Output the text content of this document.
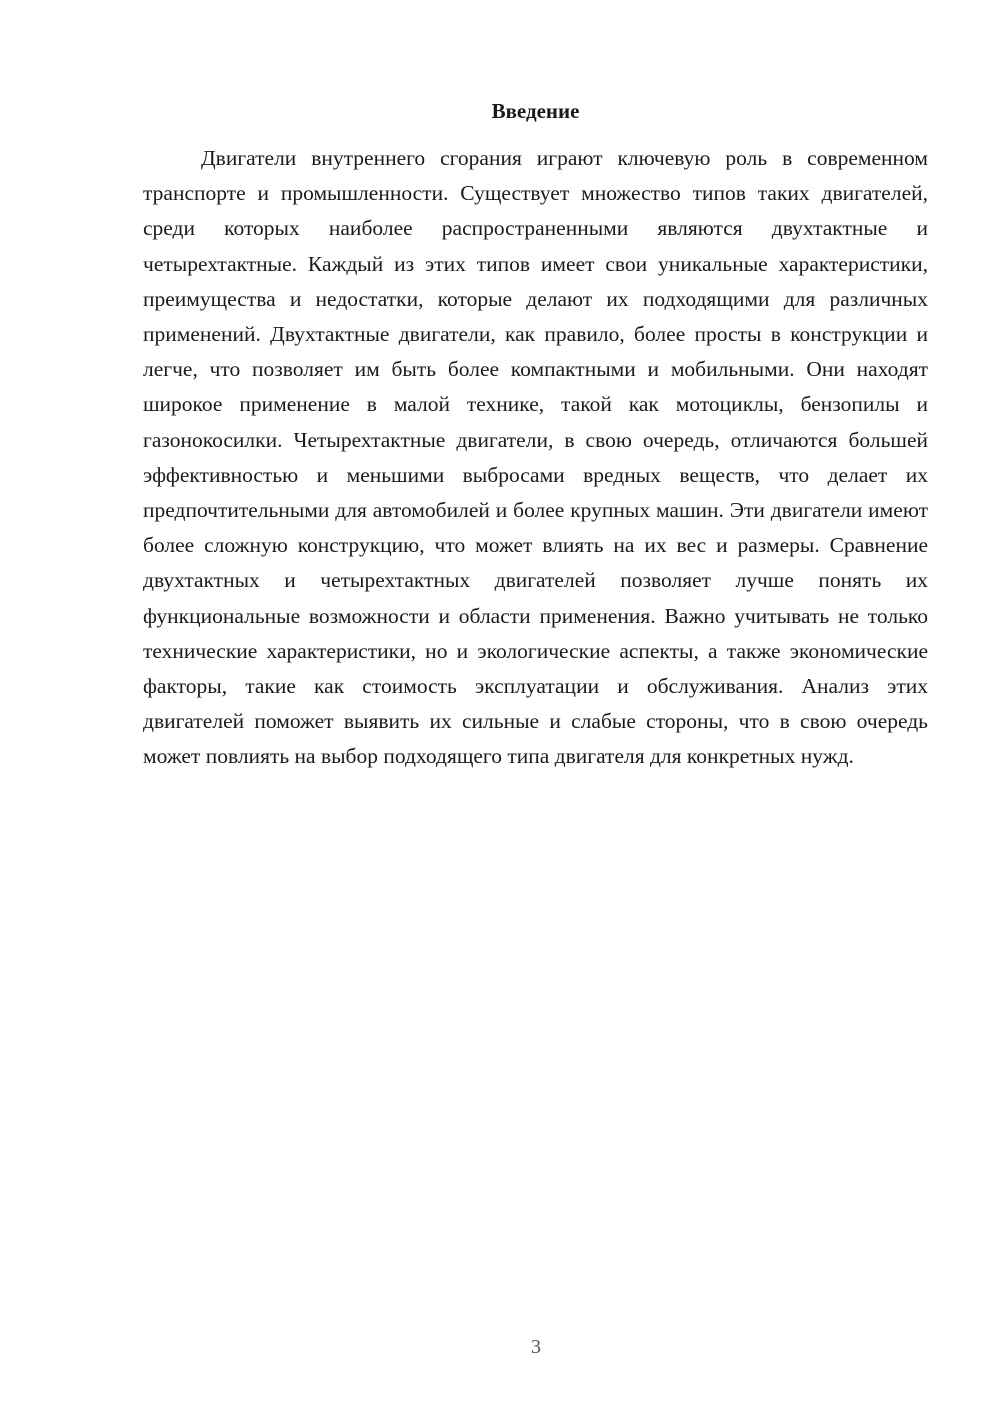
Введение

Двигатели внутреннего сгорания играют ключевую роль в современном транспорте и промышленности. Существует множество типов таких двигателей, среди которых наиболее распространенными являются двухтактные и четырехтактные. Каждый из этих типов имеет свои уникальные характеристики, преимущества и недостатки, которые делают их подходящими для различных применений. Двухтактные двигатели, как правило, более просты в конструкции и легче, что позволяет им быть более компактными и мобильными. Они находят широкое применение в малой технике, такой как мотоциклы, бензопилы и газонокосилки. Четырехтактные двигатели, в свою очередь, отличаются большей эффективностью и меньшими выбросами вредных веществ, что делает их предпочтительными для автомобилей и более крупных машин. Эти двигатели имеют более сложную конструкцию, что может влиять на их вес и размеры. Сравнение двухтактных и четырехтактных двигателей позволяет лучше понять их функциональные возможности и области применения. Важно учитывать не только технические характеристики, но и экологические аспекты, а также экономические факторы, такие как стоимость эксплуатации и обслуживания. Анализ этих двигателей поможет выявить их сильные и слабые стороны, что в свою очередь может повлиять на выбор подходящего типа двигателя для конкретных нужд.

3
